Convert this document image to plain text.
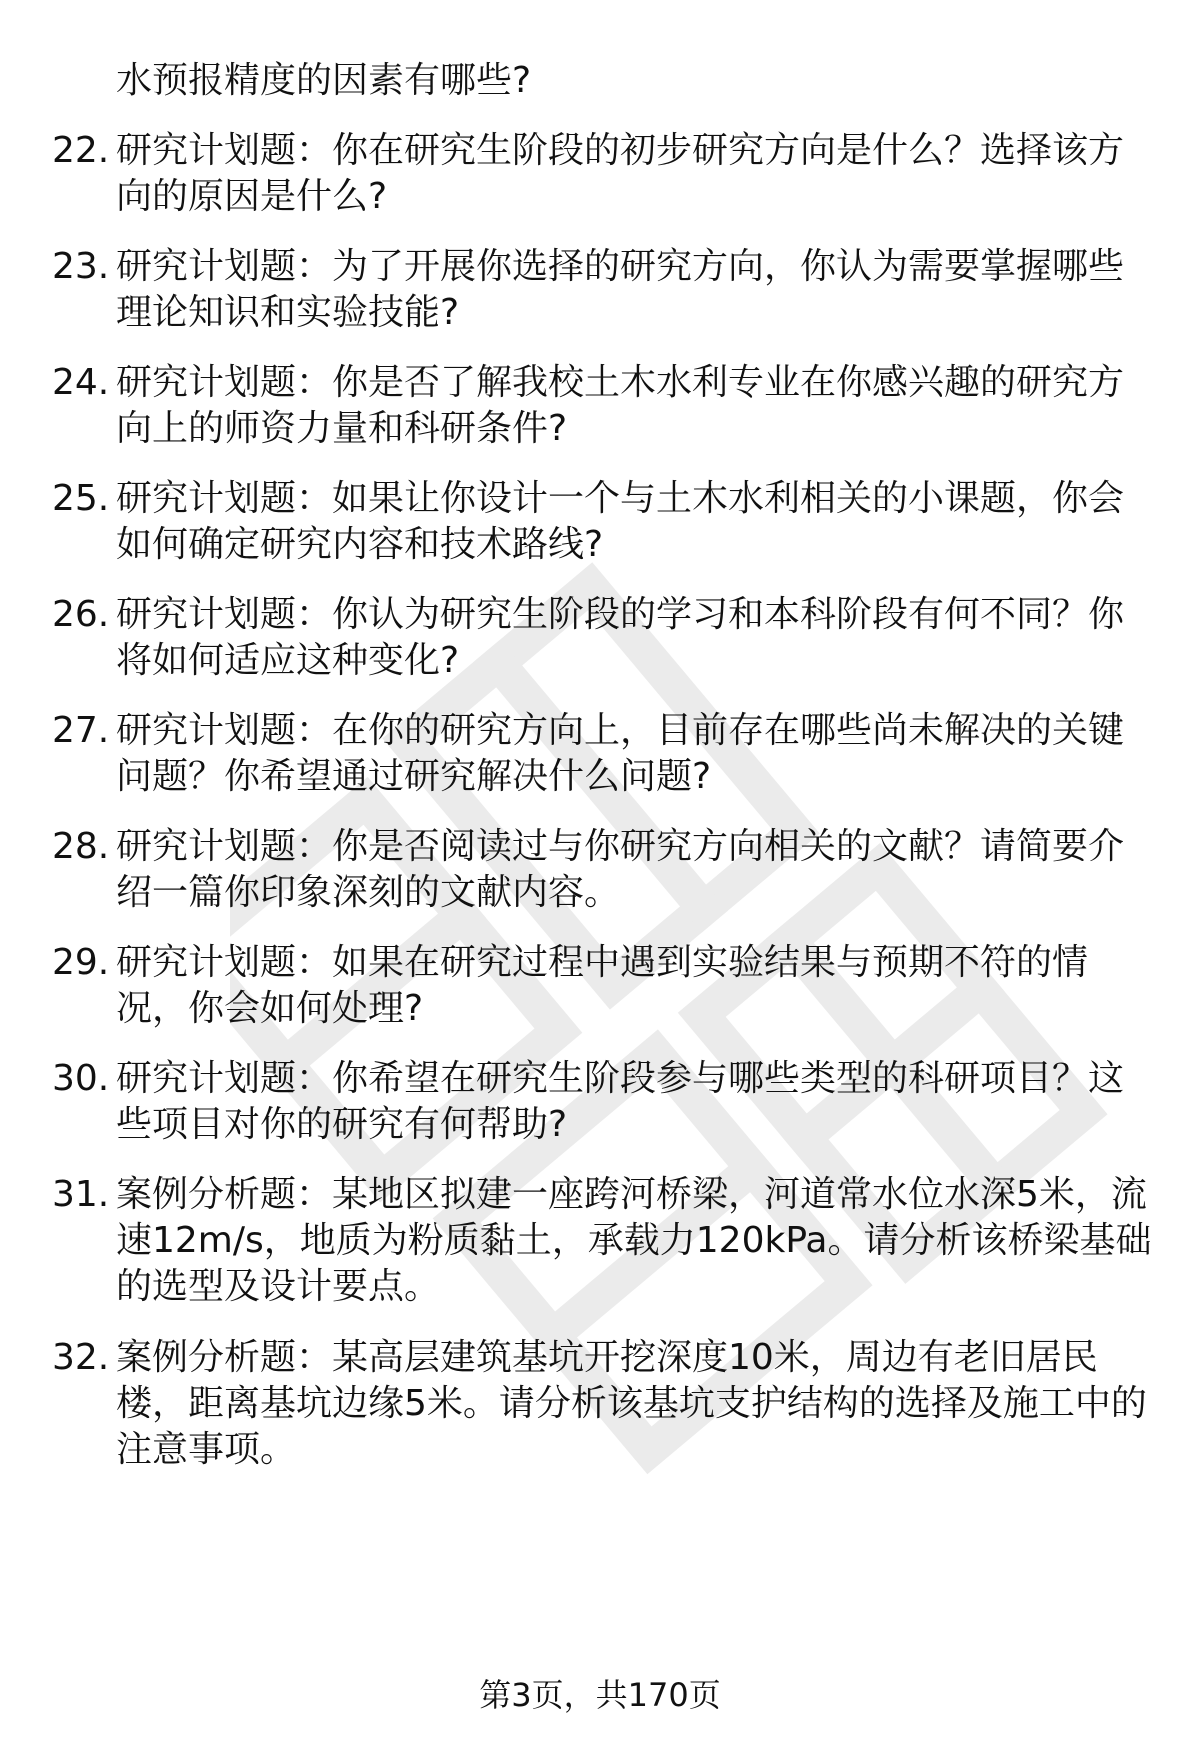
水预报精度的因素有哪些?
22. 研究计划题：你在研究生阶段的初步研究方向是什么？选择该方
向的原因是什么?
23. 研究计划题：为了开展你选择的研究方向，你认为需要掌握哪些
理论知识和实验技能?
24. 研究计划题：你是否了解我校土木水利专业在你感兴趣的研究方
向上的师资力量和科研条件?
25. 研究计划题：如果让你设计一个与土木水利相关的小课题，你会
如何确定研究内容和技术路线?
26. 研究计划题：你认为研究生阶段的学习和本科阶段有何不同？你
将如何适应这种变化?
27. 研究计划题：在你的研究方向上，目前存在哪些尚未解决的关键
问题？你希望通过研究解决什么问题?
28. 研究计划题：你是否阅读过与你研究方向相关的文献？请简要介
绍一篇你印象深刻的文献内容。
29. 研究计划题：如果在研究过程中遇到实验结果与预期不符的情
况，你会如何处理?
30. 研究计划题：你希望在研究生阶段参与哪些类型的科研项目？这
些项目对你的研究有何帮助?
31. 案例分析题：某地区拟建一座跨河桥梁，河道常水位水深5米，流
速12m/s，地质为粉质黏土，承载力120kPa。请分析该桥梁基础
的选型及设计要点。
32. 案例分析题：某高层建筑基坑开挖深度10米，周边有老旧居民
楼，距离基坑边缘5米。请分析该基坑支护结构的选择及施工中的
注意事项。
第3页，共170页
